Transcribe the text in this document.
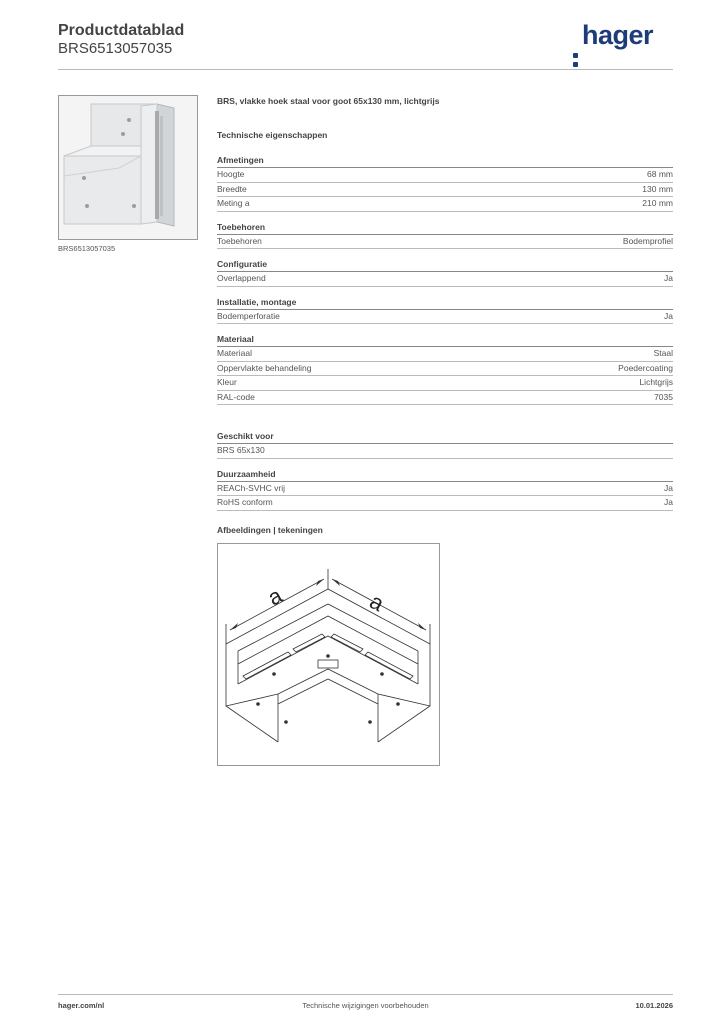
Productdatablad
BRS6513057035	hager
BRS6513057035
BRS, vlakke hoek staal voor goot 65x130 mm, lichtgrijs
Technische eigenschappen
Afmetingen
Hoogte	68 mm
Breedte	130 mm
Meting a	210 mm
Toebehoren
Toebehoren	Bodemprofiel
Configuratie
Overlappend	Ja
Installatie, montage
Bodemperforatie	Ja
Materiaal
Materiaal	Staal
Oppervlakte behandeling	Poedercoating
Kleur	Lichtgrijs
RAL-code	7035
Geschikt voor
BRS 65x130
Duurzaamheid
REACh-SVHC vrij	Ja
RoHS conform	Ja
Afbeeldingen | tekeningen
a	a
hager.com/nl	Technische wijzigingen voorbehouden	10.01.2026
